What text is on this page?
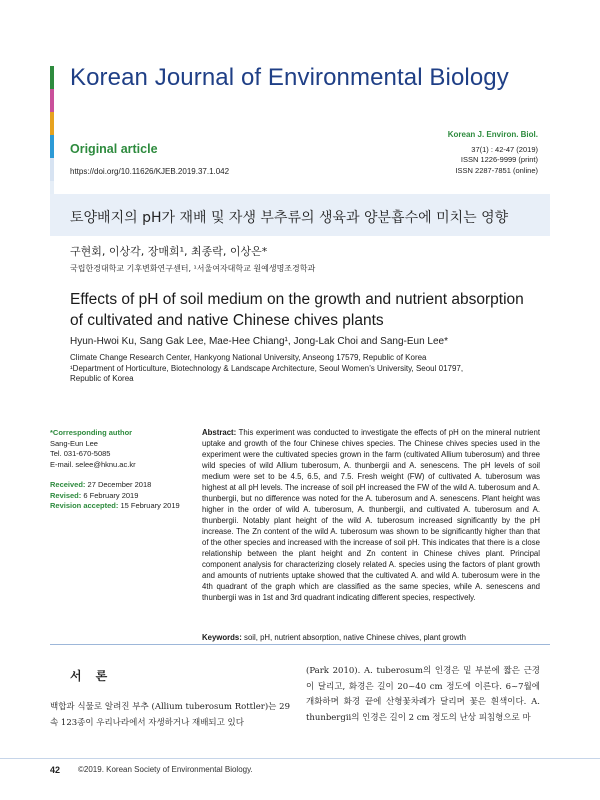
Korean Journal of Environmental Biology
Original article
https://doi.org/10.11626/KJEB.2019.37.1.042
Korean J. Environ. Biol.
37(1) : 42-47 (2019)
ISSN 1226-9999 (print)
ISSN 2287-7851 (online)
토양배지의 pH가 재배 및 자생 부추류의 생육과 양분흡수에 미치는 영향
구현회, 이상각, 장매희¹, 최종락, 이상은*
국립한경대학교 기후변화연구센터, ¹서울여자대학교 원예생명조경학과
Effects of pH of soil medium on the growth and nutrient absorption of cultivated and native Chinese chives plants
Hyun-Hwoi Ku, Sang Gak Lee, Mae-Hee Chiang¹, Jong-Lak Choi and Sang-Eun Lee*
Climate Change Research Center, Hankyong National University, Anseong 17579, Republic of Korea
¹Department of Horticulture, Biotechnology & Landscape Architecture, Seoul Women’s University, Seoul 01797, Republic of Korea
*Corresponding author
Sang-Eun Lee
Tel. 031-670-5085
E-mail. selee@hknu.ac.kr
Received: 27 December 2018
Revised: 6 February 2019
Revision accepted: 15 February 2019
Abstract: This experiment was conducted to investigate the effects of pH on the mineral nutrient uptake and growth of the four Chinese chives species. The Chinese chives species used in the experiment were the cultivated species grown in the farm (cultivated Allium tuberosum) and three wild species of wild Allium tuberosum, A. thunbergii and A. senescens. The pH levels of soil medium were set to be 4.5, 6.5, and 7.5. Fresh weight (FW) of cultivated A. tuberosum was highest at all pH levels. The increase of soil pH increased the FW of the wild A. tuberosum and A. thunbergii, but no difference was noted for the A. tuberosum and A. senescens. Plant height was higher in the order of wild A. tuberosum, A. thunbergii, and cultivated A. tuberosum and A. thunbergii. Notably plant height of the wild A. tuberosum increased significantly by the pH increase. The Zn content of the wild A. tuberosum was shown to be significantly higher than that of the other species and increased with the increase of soil pH. This indicates that there is a close relationship between the plant height and Zn content in Chinese chives plant. Principal component analysis for characterizing closely related A. species using the factors of plant growth and amounts of nutrients uptake showed that the cultivated A. and wild A. tuberosum were in the 4th quadrant of the graph which are classified as the same species, while A. senescens and thunbergii was in 1st and 3rd quadrant indicating different species, respectively.
Keywords: soil, pH, nutrient absorption, native Chinese chives, plant growth
서론

백합과 식물로 알려진 부추 (Allium tuberosum Rottler)는 29속 123종이 우리나라에서 자생하거나 재배되고 있다

(Park 2010). A. tuberosum의 인경은 밑 부분에 짧은 근경이 달리고, 화경은 길이 20~40 cm 정도에 이른다. 6~7월에 개화하며 화경 끝에 산형꽃차례가 달리며 꽃은 흰색이다. A. thunbergii의 인경은 길이 2 cm 정도의 난상 피침형으로 마

42 ©2019. Korean Society of Environmental Biology.
